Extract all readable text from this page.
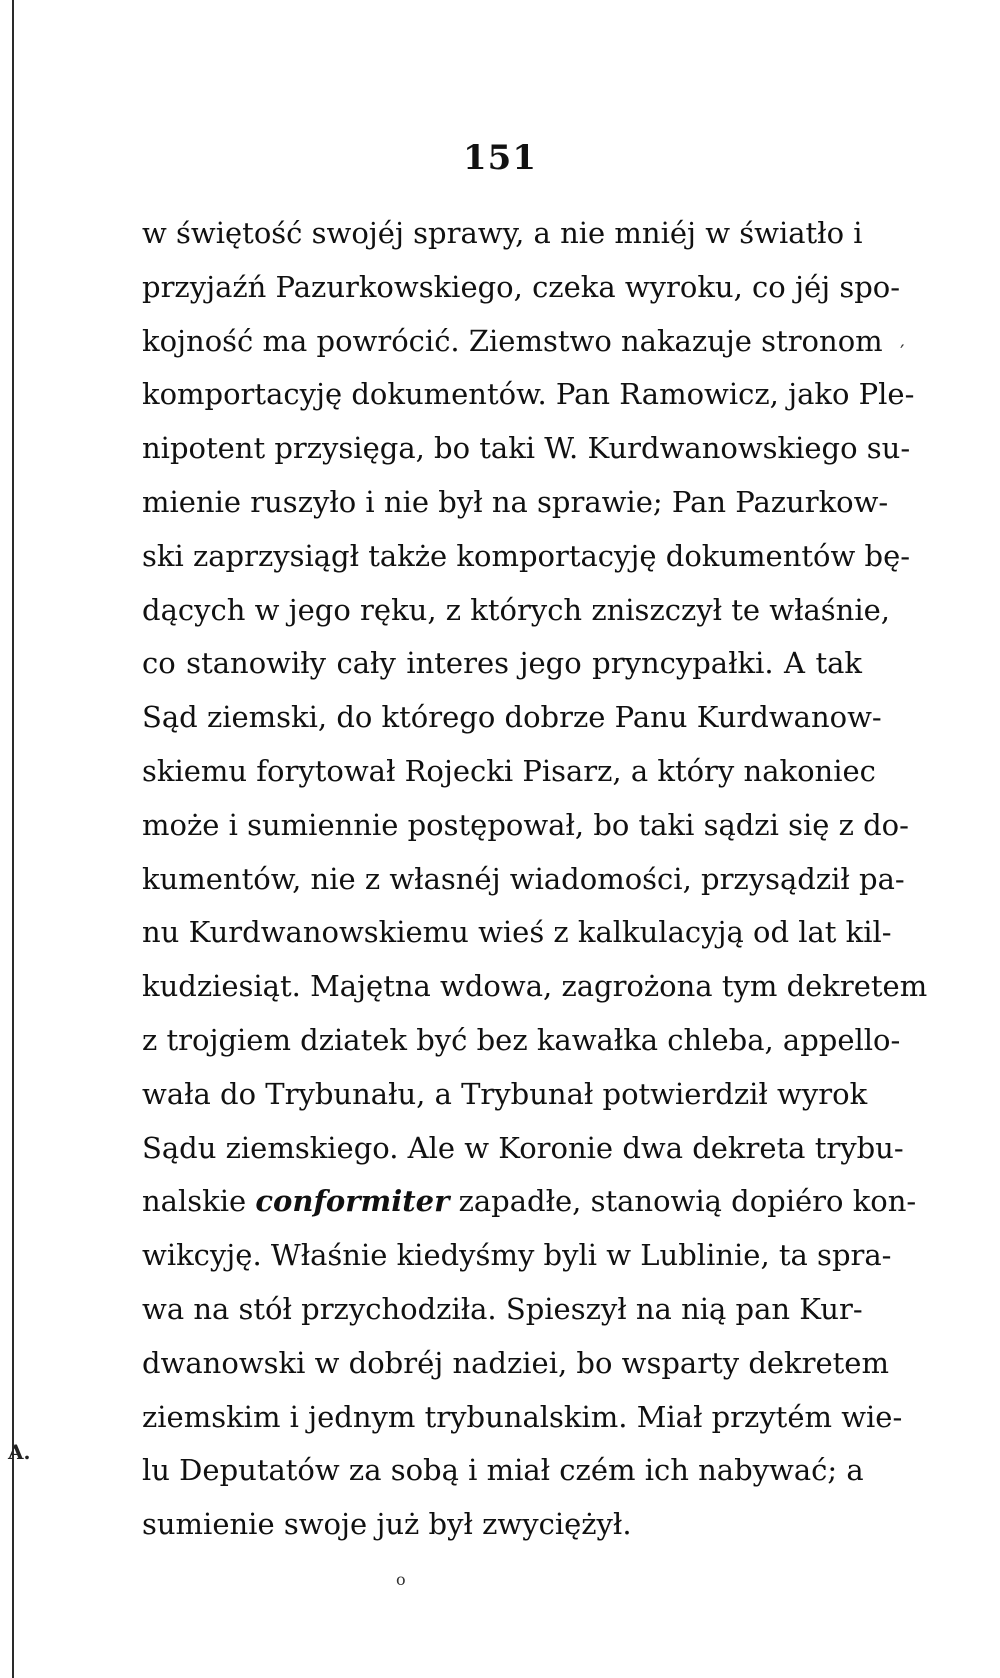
151
w świętość swojéj sprawy, a nie mniéj w światło i
przyjaźń Pazurkowskiego, czeka wyroku, co jéj spo-
kojność ma powrócić. Ziemstwo nakazuje stronom
komportacyję dokumentów. Pan Ramowicz, jako Ple-
nipotent przysięga, bo taki W. Kurdwanowskiego su-
mienie ruszyło i nie był na sprawie; Pan Pazurkow-
ski zaprzysiągł także komportacyję dokumentów bę-
dących w jego ręku, z których zniszczył te właśnie,
co stanowiły cały interes jego pryncypałki. A tak
Sąd ziemski, do którego dobrze Panu Kurdwanow-
skiemu forytował Rojecki Pisarz, a który nakoniec
może i sumiennie postępował, bo taki sądzi się z do-
kumentów, nie z własnéj wiadomości, przysądził pa-
nu Kurdwanowskiemu wieś z kalkulacyją od lat kil-
kudziesiąt. Majętna wdowa, zagrożona tym dekretem
z trojgiem dziatek być bez kawałka chleba, appello-
wała do Trybunału, a Trybunał potwierdził wyrok
Sądu ziemskiego. Ale w Koronie dwa dekreta trybu-
nalskie conformiter zapadłe, stanowią dopiéro kon-
wikcyję. Właśnie kiedyśmy byli w Lublinie, ta spra-
wa na stół przychodziła. Spieszył na nią pan Kur-
dwanowski w dobréj nadziei, bo wsparty dekretem
ziemskim i jednym trybunalskim. Miał przytém wie-
lu Deputatów za sobą i miał czém ich nabywać; a
sumienie swoje już był zwyciężył.
′
A.
o
